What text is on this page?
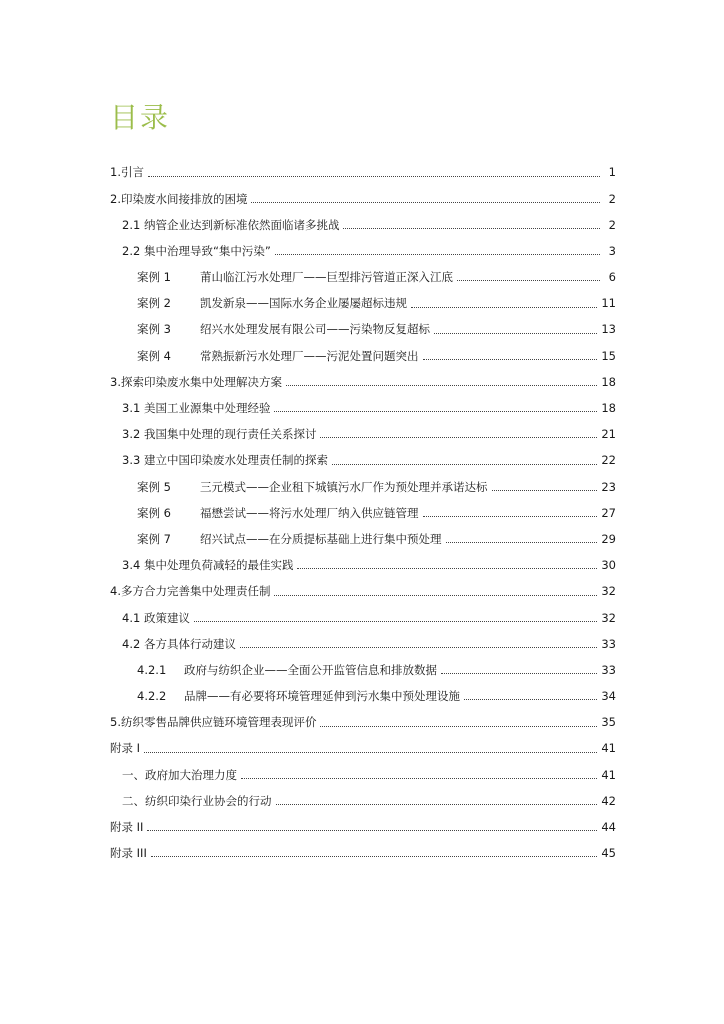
目录
1.引言	1
2.印染废水间接排放的困境	2
2.1 纳管企业达到新标准依然面临诸多挑战	2
2.2 集中治理导致“集中污染”	3
案例 1	莆山临江污水处理厂——巨型排污管道正深入江底	6
案例 2	凯发新泉——国际水务企业屡屡超标违规	11
案例 3	绍兴水处理发展有限公司——污染物反复超标	13
案例 4	常熟振新污水处理厂——污泥处置问题突出	15
3.探索印染废水集中处理解决方案	18
3.1 美国工业源集中处理经验	18
3.2 我国集中处理的现行责任关系探讨	21
3.3 建立中国印染废水处理责任制的探索	22
案例 5	三元模式——企业租下城镇污水厂作为预处理并承诺达标	23
案例 6	福懋尝试——将污水处理厂纳入供应链管理	27
案例 7	绍兴试点——在分质提标基础上进行集中预处理	29
3.4 集中处理负荷减轻的最佳实践	30
4.多方合力完善集中处理责任制	32
4.1 政策建议	32
4.2 各方具体行动建议	33
4.2.1	政府与纺织企业——全面公开监管信息和排放数据	33
4.2.2	品牌——有必要将环境管理延伸到污水集中预处理设施	34
5.纺织零售品牌供应链环境管理表现评价	35
附录 I	41
一、政府加大治理力度	41
二、纺织印染行业协会的行动	42
附录 II	44
附录 III	45
